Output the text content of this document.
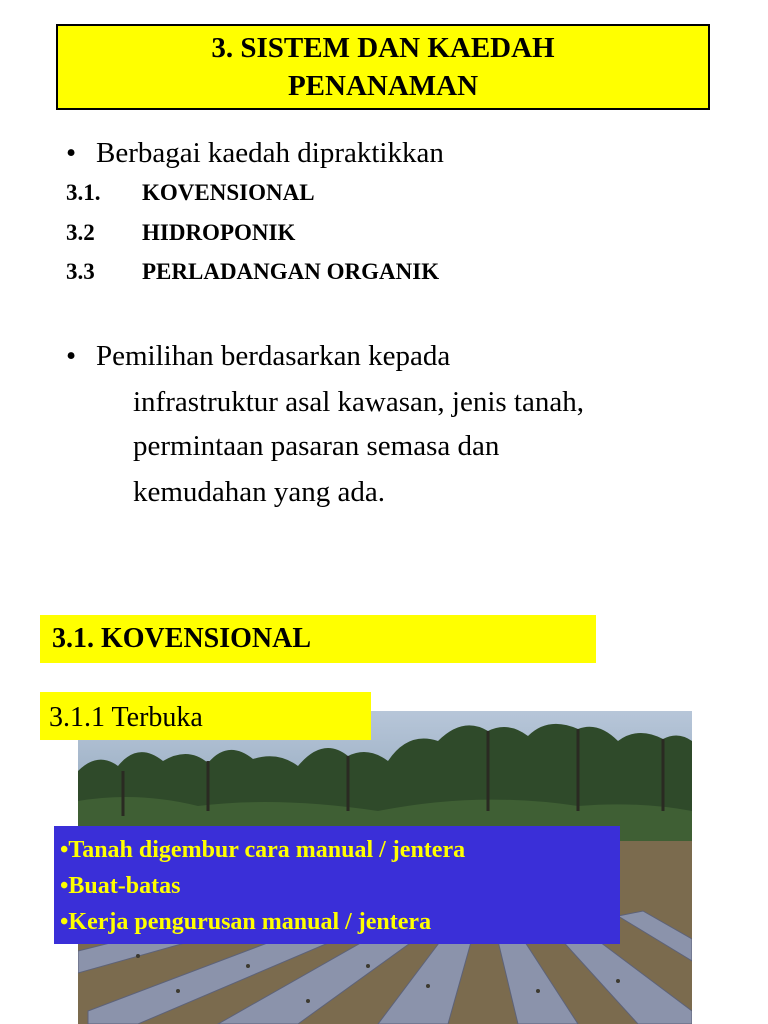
3. SISTEM DAN KAEDAH
PENANAMAN
• Berbagai kaedah dipraktikkan
3.1. KOVENSIONAL
3.2 HIDROPONIK
3.3 PERLADANGAN ORGANIK
• Pemilihan berdasarkan kepada
infrastruktur asal kawasan, jenis tanah,
permintaan pasaran semasa dan
kemudahan yang ada.
3.1. KOVENSIONAL
3.1.1 Terbuka
•Tanah digembur cara manual / jentera
•Buat-batas
•Kerja pengurusan manual / jentera
